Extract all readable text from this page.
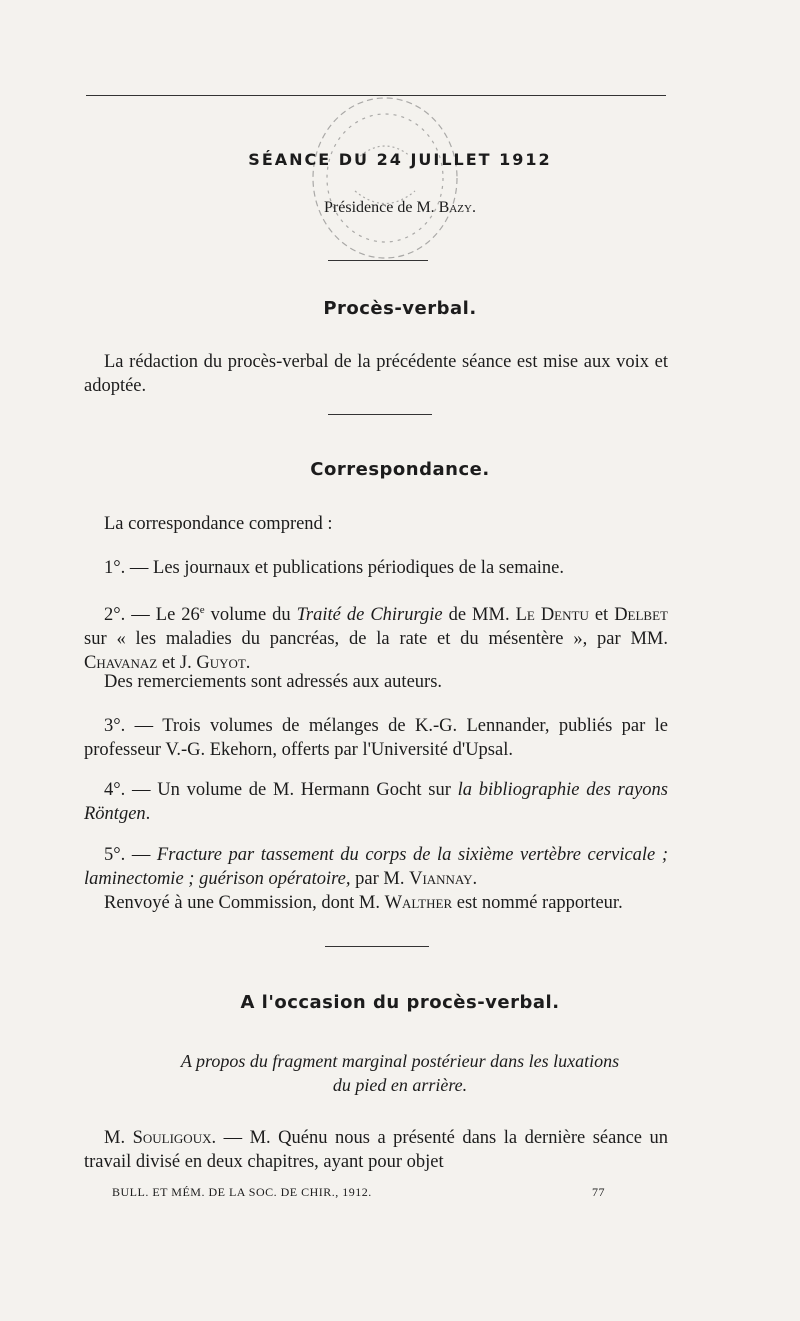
SÉANCE DU 24 JUILLET 1912
Présidence de M. Bazy.
Procès-verbal.
La rédaction du procès-verbal de la précédente séance est mise aux voix et adoptée.
Correspondance.
La correspondance comprend :
1°. — Les journaux et publications périodiques de la semaine.
2°. — Le 26e volume du Traité de Chirurgie de MM. Le Dentu et Delbet sur « les maladies du pancréas, de la rate et du mésentère », par MM. Chavanaz et J. Guyot.
Des remerciements sont adressés aux auteurs.
3°. — Trois volumes de mélanges de K.-G. Lennander, publiés par le professeur V.-G. Ekehorn, offerts par l'Université d'Upsal.
4°. — Un volume de M. Hermann Gocht sur la bibliographie des rayons Röntgen.
5°. — Fracture par tassement du corps de la sixième vertèbre cervicale ; laminectomie ; guérison opératoire, par M. Viannay.
Renvoyé à une Commission, dont M. Walther est nommé rapporteur.
A l'occasion du procès-verbal.
A propos du fragment marginal postérieur dans les luxations
du pied en arrière.
M. Souligoux. — M. Quénu nous a présenté dans la dernière séance un travail divisé en deux chapitres, ayant pour objet
BULL. ET MÉM. DE LA SOC. DE CHIR., 1912.	77
